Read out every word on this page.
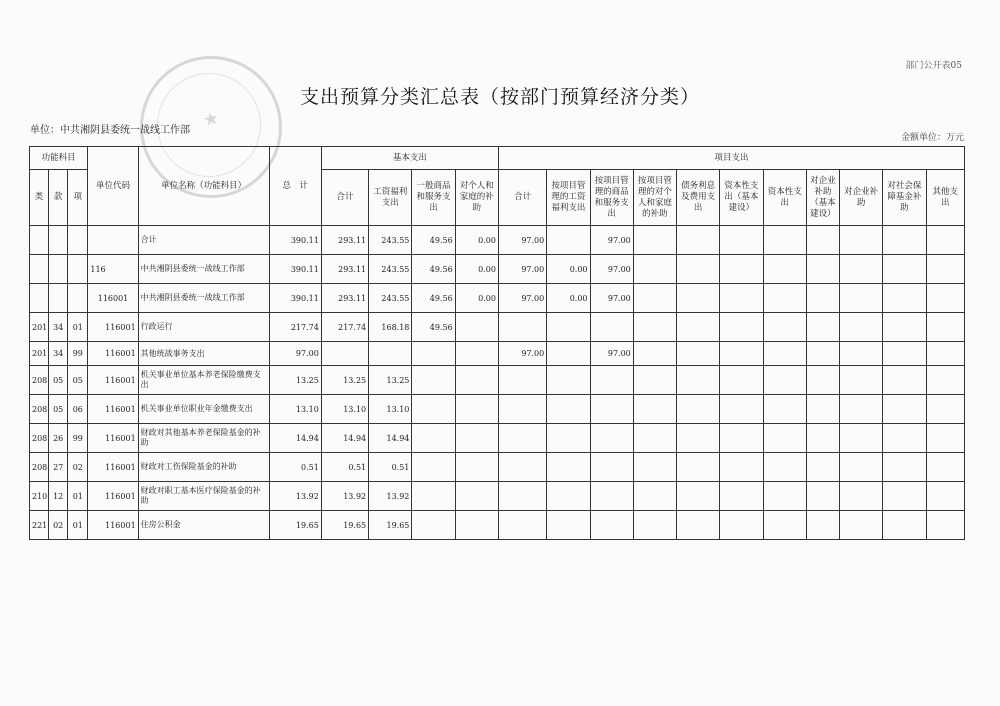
部门公开表05
★
支出预算分类汇总表（按部门预算经济分类）
单位：中共湘阴县委统一战线工作部
金额单位：万元
功能科目			单位代码	单位名称（功能科目）	总　计	基本支出				项目支出										
类	款	项				合计	工资福利支出	一般商品和服务支出	对个人和家庭的补助	合计	按项目管理的工资福利支出	按项目管理的商品和服务支出	按项目管理的对个人和家庭的补助	债务利息及费用支出	资本性支出（基本建设）	资本性支出	对企业补助（基本建设）	对企业补助	对社会保障基金补助	其他支出
				合计	390.11	293.11	243.55	49.56	0.00	97.00		97.00								
			116	中共湘阴县委统一战线工作部	390.11	293.11	243.55	49.56	0.00	97.00	0.00	97.00								
			116001	中共湘阴县委统一战线工作部	390.11	293.11	243.55	49.56	0.00	97.00	0.00	97.00								
201	34	01	116001	行政运行	217.74	217.74	168.18	49.56												
201	34	99	116001	其他统战事务支出	97.00					97.00		97.00								
208	05	05	116001	机关事业单位基本养老保险缴费支出	13.25	13.25	13.25													
208	05	06	116001	机关事业单位职业年金缴费支出	13.10	13.10	13.10													
208	26	99	116001	财政对其他基本养老保险基金的补助	14.94	14.94	14.94													
208	27	02	116001	财政对工伤保险基金的补助	0.51	0.51	0.51													
210	12	01	116001	财政对职工基本医疗保险基金的补助	13.92	13.92	13.92													
221	02	01	116001	住房公积金	19.65	19.65	19.65													
